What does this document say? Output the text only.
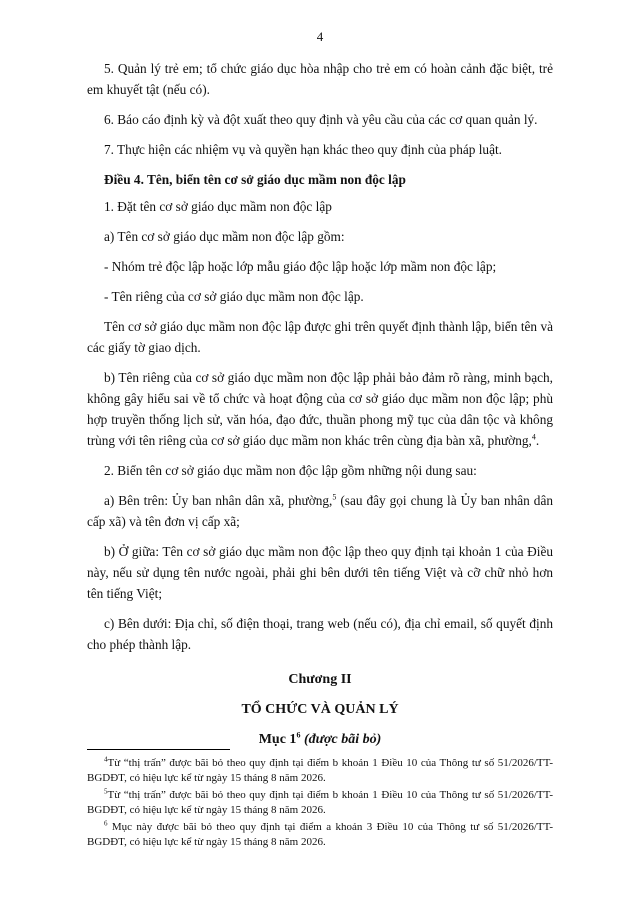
4

5. Quản lý trẻ em; tổ chức giáo dục hòa nhập cho trẻ em có hoàn cảnh đặc biệt, trẻ em khuyết tật (nếu có).

6. Báo cáo định kỳ và đột xuất theo quy định và yêu cầu của các cơ quan quản lý.

7. Thực hiện các nhiệm vụ và quyền hạn khác theo quy định của pháp luật.

Điều 4. Tên, biển tên cơ sở giáo dục mầm non độc lập

1. Đặt tên cơ sở giáo dục mầm non độc lập

a) Tên cơ sở giáo dục mầm non độc lập gồm:

- Nhóm trẻ độc lập hoặc lớp mẫu giáo độc lập hoặc lớp mầm non độc lập;

- Tên riêng của cơ sở giáo dục mầm non độc lập.

Tên cơ sở giáo dục mầm non độc lập được ghi trên quyết định thành lập, biển tên và các giấy tờ giao dịch.

b) Tên riêng của cơ sở giáo dục mầm non độc lập phải bảo đảm rõ ràng, minh bạch, không gây hiểu sai về tổ chức và hoạt động của cơ sở giáo dục mầm non độc lập; phù hợp truyền thống lịch sử, văn hóa, đạo đức, thuần phong mỹ tục của dân tộc và không trùng với tên riêng của cơ sở giáo dục mầm non khác trên cùng địa bàn xã, phường,$^4$.

2. Biển tên cơ sở giáo dục mầm non độc lập gồm những nội dung sau:

a) Bên trên: Ủy ban nhân dân xã, phường,$^5$ (sau đây gọi chung là Ủy ban nhân dân cấp xã) và tên đơn vị cấp xã;

b) Ở giữa: Tên cơ sở giáo dục mầm non độc lập theo quy định tại khoản 1 của Điều này, nếu sử dụng tên nước ngoài, phải ghi bên dưới tên tiếng Việt và cỡ chữ nhỏ hơn tên tiếng Việt;

c) Bên dưới: Địa chỉ, số điện thoại, trang web (nếu có), địa chỉ email, số quyết định cho phép thành lập.

Chương II
TỔ CHỨC VÀ QUẢN LÝ
Mục $1^6$ (được bãi bỏ)

$^4$Từ “thị trấn” được bãi bỏ theo quy định tại điểm b khoản 1 Điều 10 của Thông tư số 51/2026/TT-BGDĐT, có hiệu lực kể từ ngày 15 tháng 8 năm 2026.

$^5$Từ “thị trấn” được bãi bỏ theo quy định tại điểm b khoản 1 Điều 10 của Thông tư số 51/2026/TT-BGDĐT, có hiệu lực kể từ ngày 15 tháng 8 năm 2026.

$^6$ Mục này được bãi bỏ theo quy định tại điểm a khoản 3 Điều 10 của Thông tư số 51/2026/TT-BGDĐT, có hiệu lực kể từ ngày 15 tháng 8 năm 2026.
